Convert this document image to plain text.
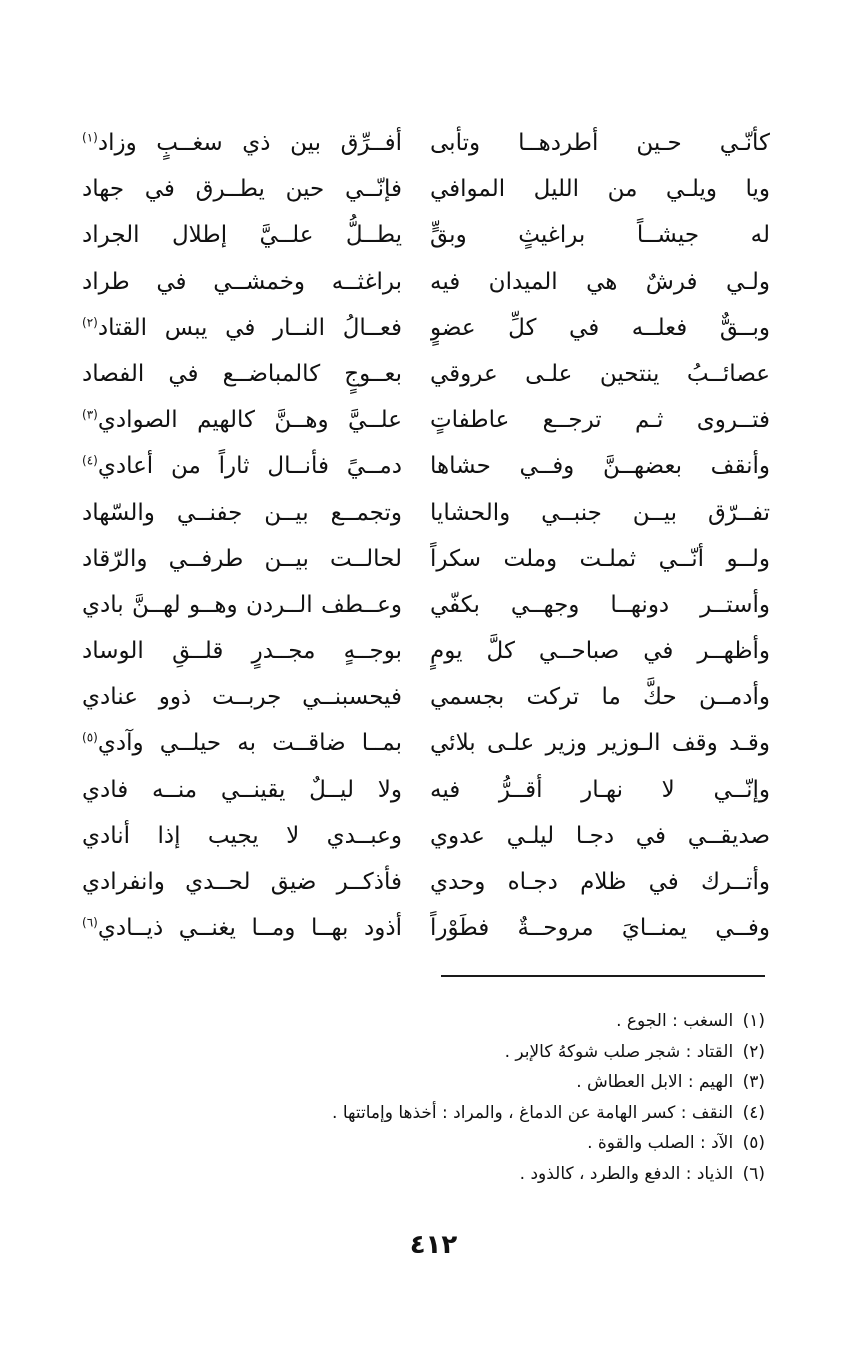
كأنّـي حـين أطردهــا وتأبى
ويا ويلـي من الليل الموافي
له جيشــاً براغيثٍ وبقٍّ
ولـي فرشٌ هي الميدان فيه
وبــقٌّ فعلــه في كلِّ عضوٍ
عصائــبُ ينتحين علـى عروقي
فتــروى ثـم ترجــع عاطفاتٍ
وأنقف بعضهــنَّ وفــي حشاها
تفــرّق بيــن جنبــي والحشايا
ولــو أنّــي ثملـت وملت سكراً
وأستــر دونهــا وجهــي بكفّي
وأظهــر في صباحــي كلَّ يومٍ
وأدمــن حكَّ ما تركت بجسمي
وقـد وقف الـوزير وزير علـى بلائي
وإنّــي لا نهـار أقــرُّ فيه
صديقــي في دجـا ليلـي عدوي
وأتــرك في ظلام دجـاه وحدي
وفــي يمنــايَ مروحــةٌ فطَوْراً
أفــرِّق بين ذي سغــبٍ وزاد$^{(١)}$
فإنّــي حين يطــرق في جهاد
يطــلُّ علــيَّ إطلال الجراد
براغثــه وخمشــي في طراد
فعــالُ النــار في يبس القتاد$^{(٢)}$
بعــوجٍ كالمباضــع في الفصاد
علــيَّ وهــنَّ كالهيم الصوادي$^{(٣)}$
دمــيً فأنــال ثاراً من أعادي$^{(٤)}$
وتجمــع بيــن جفنــي والسّهاد
لحالــت بيــن طرفــي والرّقاد
وعــطف الــردن وهــو لهــنَّ بادي
بوجــهٍ مجــدرٍ قلــقِ الوساد
فيحسبنــي جربــت ذوو عنادي
بمــا ضاقــت به حيلــي وآدي$^{(٥)}$
ولا ليــلٌ يقينــي منــه فادي
وعبــدي لا يجيب إذا أنادي
فأذكــر ضيق لحــدي وانفرادي
أذود بهــا ومــا يغنــي ذيــادي$^{(٦)}$
(١) السغب : الجوع .
(٢) القتاد : شجر صلب شوكهُ كالإبر .
(٣) الهيم : الابل العطاش .
(٤) النقف : كسر الهامة عن الدماغ ، والمراد : أخذها وإماتتها .
(٥) الآد : الصلب والقوة .
(٦) الذياد : الدفع والطرد ، كالذود .
٤١٢
